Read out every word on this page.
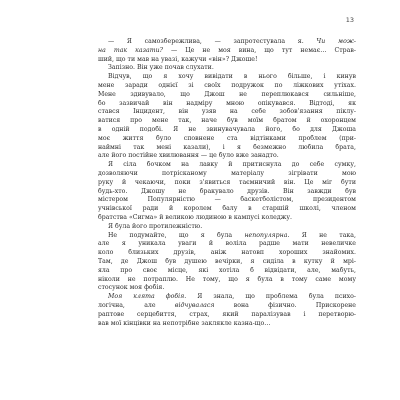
13
— Я самозбережлива, — запротестувала я. Чи мож-
на так казати? — Це не моя вина, що тут немає… Страв-
ший, що ти мав на увазі, кажучи «він»? Джоше!
Запізно. Він уже почав слухати.
Відчув, що я хочу вивідати в нього більше, і кинув
мене заради однієї зі своїх подружок по ліжкових утіхах.
Мене здивувало, що Джош не переплюкався сильніше,
бо зазвичай він надміру мною опікувався. Відтоді, як
стався Інцидент, він узяв на себе зобов'язання пiклу-
ватися про мене так, наче був моїм братом й охоронцем
в одній подобі. Я не звинувачувала його, бо для Джоша
моє життя було сповнене ста відтінками проблем (при-
наймні так мені казали), і я безмежно любила брата,
але його постійне хвилювання — це було вже занадто.
Я сіла бочком на лавку й притиснула до себе сумку,
дозволяючи потрісканому матеріалу зігрівати мою
руку й чекаючи, поки з'явиться таємничий він. Це міг бути
будь-хто. Джошу не бракувало друзів. Він завжди був
містером Популярністю — баскетболістом, президентом
учнівської ради й королем балу в старшій школі, членом
братства «Сигма» й великою людиною в кампусі коледжу.
Я була його протилежністю.
Не подумайте, що я була непопулярна. Я не така,
але я уникала уваги й воліла радше мати невеличке
коло близьких друзів, аніж натовп хороших знайомих.
Там, де Джош був душею вечірки, я сиділа в кутку й мрі-
яла про своє місце, які хотіла б відвідати, але, мабуть,
ніколи не потраплю. Не тому, що я була в тому саме мому
стосунок моя фобія.
Моя клята фобія. Я знала, що проблема була психо-
логічна, але відчувалася вона фізично. Прискорене
раптове серцебиття, страх, який паралізував і перетворю-
вав мої кінцівки на непотрібне заклякле казна-що…
